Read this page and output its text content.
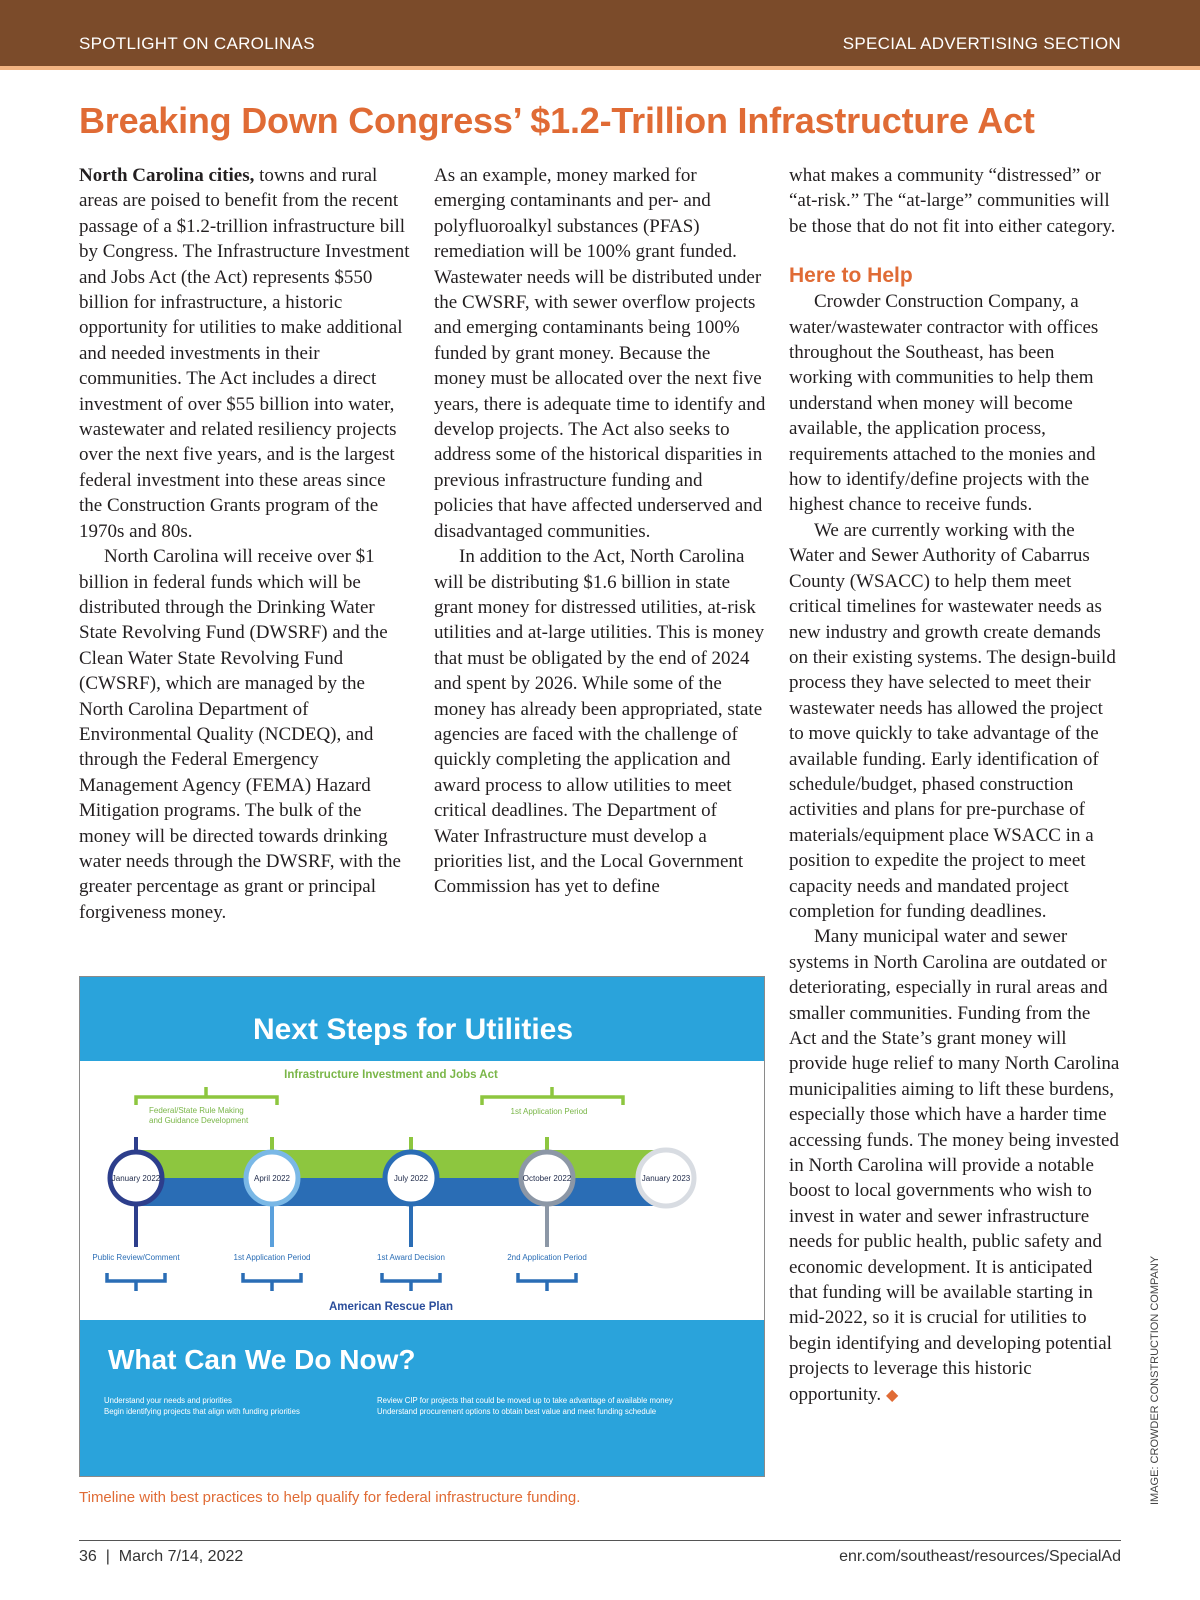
SPOTLIGHT ON CAROLINAS	SPECIAL ADVERTISING SECTION
Breaking Down Congress’ $1.2-Trillion Infrastructure Act

North Carolina cities, towns and rural areas are poised to benefit from the recent passage of a $1.2-trillion infrastructure bill by Congress. The Infrastructure Investment and Jobs Act (the Act) represents $550 billion for infrastructure, a historic opportunity for utilities to make additional and needed investments in their communities. The Act includes a direct investment of over $55 billion into water, wastewater and related resiliency projects over the next five years, and is the largest federal investment into these areas since the Construction Grants program of the 1970s and 80s.

North Carolina will receive over $1 billion in federal funds which will be distributed through the Drinking Water State Revolving Fund (DWSRF) and the Clean Water State Revolving Fund (CWSRF), which are managed by the North Carolina Department of Environmental Quality (NCDEQ), and through the Federal Emergency Management Agency (FEMA) Hazard Mitigation programs. The bulk of the money will be directed towards drinking water needs through the DWSRF, with the greater percentage as grant or principal forgiveness money.

As an example, money marked for emerging contaminants and per- and polyfluoroalkyl substances (PFAS) remediation will be 100% grant funded. Wastewater needs will be distributed under the CWSRF, with sewer overflow projects and emerging contaminants being 100% funded by grant money. Because the money must be allocated over the next five years, there is adequate time to identify and develop projects. The Act also seeks to address some of the historical disparities in previous infrastructure funding and policies that have affected underserved and disadvantaged communities.

In addition to the Act, North Carolina will be distributing $1.6 billion in state grant money for distressed utilities, at-risk utilities and at-large utilities. This is money that must be obligated by the end of 2024 and spent by 2026. While some of the money has already been appropriated, state agencies are faced with the challenge of quickly completing the application and award process to allow utilities to meet critical deadlines. The Department of Water Infrastructure must develop a priorities list, and the Local Government Commission has yet to define

what makes a community “distressed” or “at-risk.” The “at-large” communities will be those that do not fit into either category.

Here to Help

Crowder Construction Company, a water/wastewater contractor with offices throughout the Southeast, has been working with communities to help them understand when money will become available, the application process, requirements attached to the monies and how to identify/define projects with the highest chance to receive funds.

We are currently working with the Water and Sewer Authority of Cabarrus County (WSACC) to help them meet critical timelines for wastewater needs as new industry and growth create demands on their existing systems. The design-build process they have selected to meet their wastewater needs has allowed the project to move quickly to take advantage of the available funding. Early identification of schedule/budget, phased construction activities and plans for pre-purchase of materials/equipment place WSACC in a position to expedite the project to meet capacity needs and mandated project completion for funding deadlines.

Many municipal water and sewer systems in North Carolina are outdated or deteriorating, especially in rural areas and smaller communities. Funding from the Act and the State’s grant money will provide huge relief to many North Carolina municipalities aiming to lift these burdens, especially those which have a harder time accessing funds. The money being invested in North Carolina will provide a notable boost to local governments who wish to invest in water and sewer infrastructure needs for public health, public safety and economic development. It is anticipated that funding will be available starting in mid-2022, so it is crucial for utilities to begin identifying and developing potential projects to leverage this historic opportunity. ◆

Next Steps for Utilities
Infrastructure Investment and Jobs Act
Federal/State Rule Making
and Guidance Development
1st Application Period
January 2022	April 2022	July 2022	October 2022	January 2023
Public Review/Comment	1st Application Period	1st Award Decision	2nd Application Period
American Rescue Plan
What Can We Do Now?
Understand your needs and priorities
Begin identifying projects that align with funding priorities
Review CIP for projects that could be moved up to take advantage of available money
Understand procurement options to obtain best value and meet funding schedule
Timeline with best practices to help qualify for federal infrastructure funding.	IMAGE: CROWDER CONSTRUCTION COMPANY
36  |  March 7/14, 2022	enr.com/southeast/resources/SpecialAd
